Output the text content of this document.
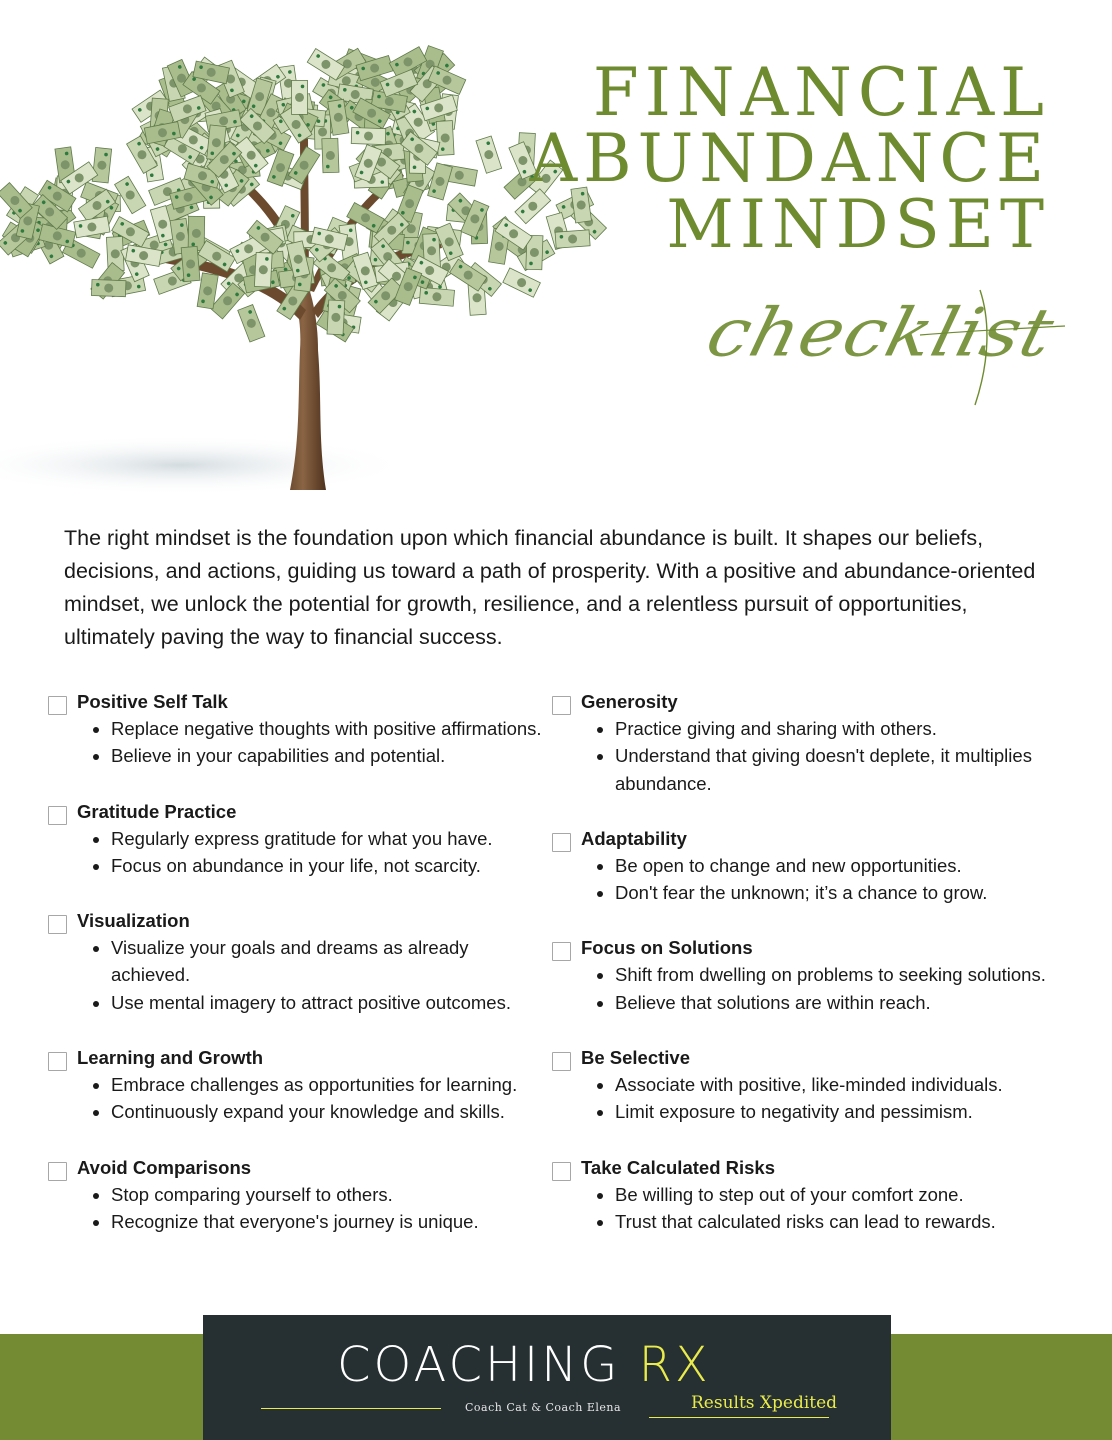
FINANCIAL
ABUNDANCE
MINDSET
checklist

The right mindset is the foundation upon which financial abundance is built. It shapes our beliefs, decisions, and actions, guiding us toward a path of prosperity. With a positive and abundance-oriented mindset, we unlock the potential for growth, resilience, and a relentless pursuit of opportunities, ultimately paving the way to financial success.

Positive Self Talk
• Replace negative thoughts with positive affirmations.
• Believe in your capabilities and potential.
Gratitude Practice
• Regularly express gratitude for what you have.
• Focus on abundance in your life, not scarcity.
Visualization
• Visualize your goals and dreams as already achieved.
• Use mental imagery to attract positive outcomes.
Learning and Growth
• Embrace challenges as opportunities for learning.
• Continuously expand your knowledge and skills.
Avoid Comparisons
• Stop comparing yourself to others.
• Recognize that everyone's journey is unique.
Generosity
• Practice giving and sharing with others.
• Understand that giving doesn't deplete, it multiplies abundance.
Adaptability
• Be open to change and new opportunities.
• Don't fear the unknown; it’s a chance to grow.
Focus on Solutions
• Shift from dwelling on problems to seeking solutions.
• Believe that solutions are within reach.
Be Selective
• Associate with positive, like-minded individuals.
• Limit exposure to negativity and pessimism.
Take Calculated Risks
• Be willing to step out of your comfort zone.
• Trust that calculated risks can lead to rewards.
COACHING RX
Coach Cat & Coach Elena	Results Xpedited
